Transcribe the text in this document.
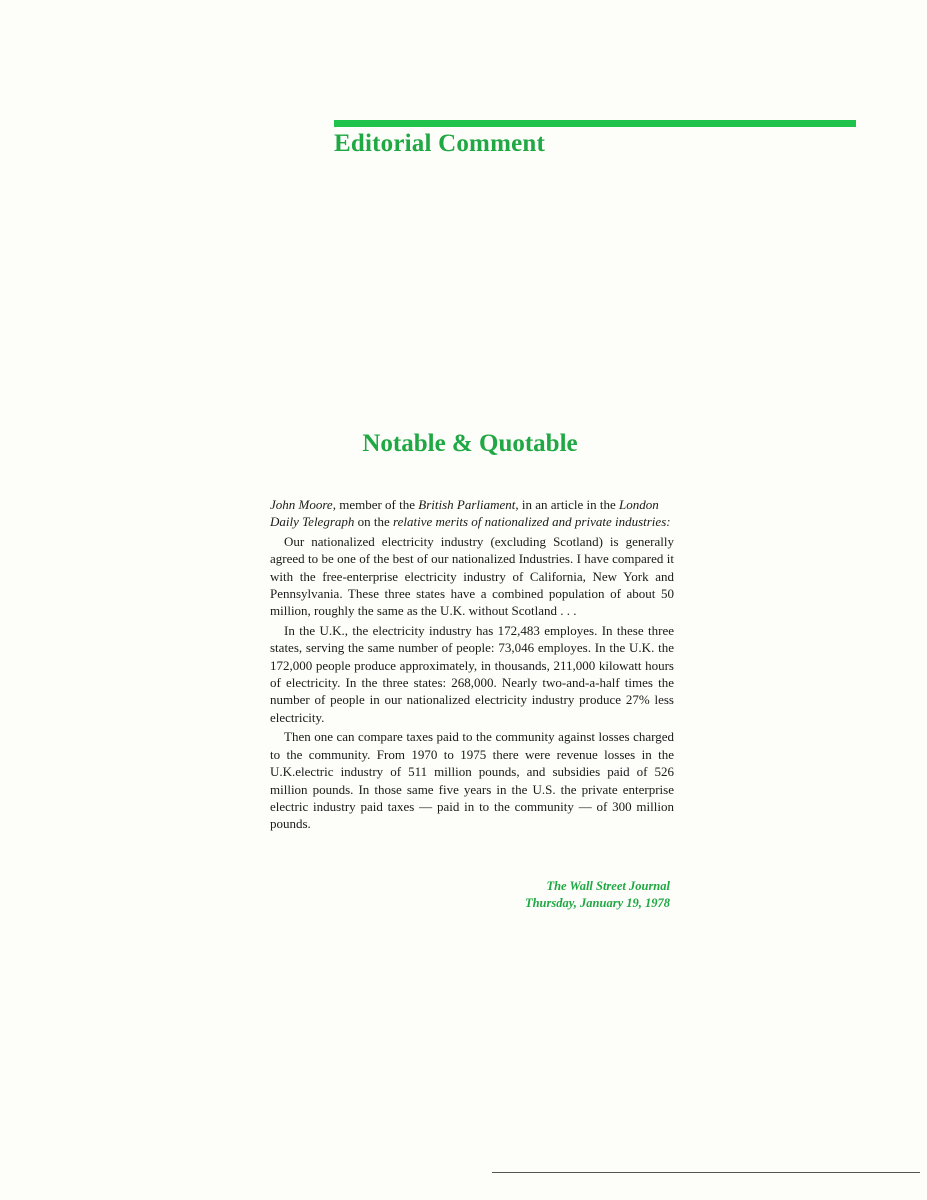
Editorial Comment
Notable & Quotable

John Moore, member of the British Parliament, in an article in the London Daily Telegraph on the relative merits of nationalized and private industries:

Our nationalized electricity industry (excluding Scotland) is generally agreed to be one of the best of our nationalized Industries. I have compared it with the free-enterprise electricity industry of California, New York and Pennsylvania. These three states have a combined population of about 50 million, roughly the same as the U.K. without Scotland . . .

In the U.K., the electricity industry has 172,483 employes. In these three states, serving the same number of people: 73,046 employes. In the U.K. the 172,000 people produce approximately, in thousands, 211,000 kilowatt hours of electricity. In the three states: 268,000. Nearly two-and-a-half times the number of people in our nationalized electricity industry produce 27% less electricity.

Then one can compare taxes paid to the community against losses charged to the community. From 1970 to 1975 there were revenue losses in the U.K.electric industry of 511 million pounds, and subsidies paid of 526 million pounds. In those same five years in the U.S. the private enterprise electric industry paid taxes — paid in to the community — of 300 million pounds.

The Wall Street Journal
Thursday, January 19, 1978
